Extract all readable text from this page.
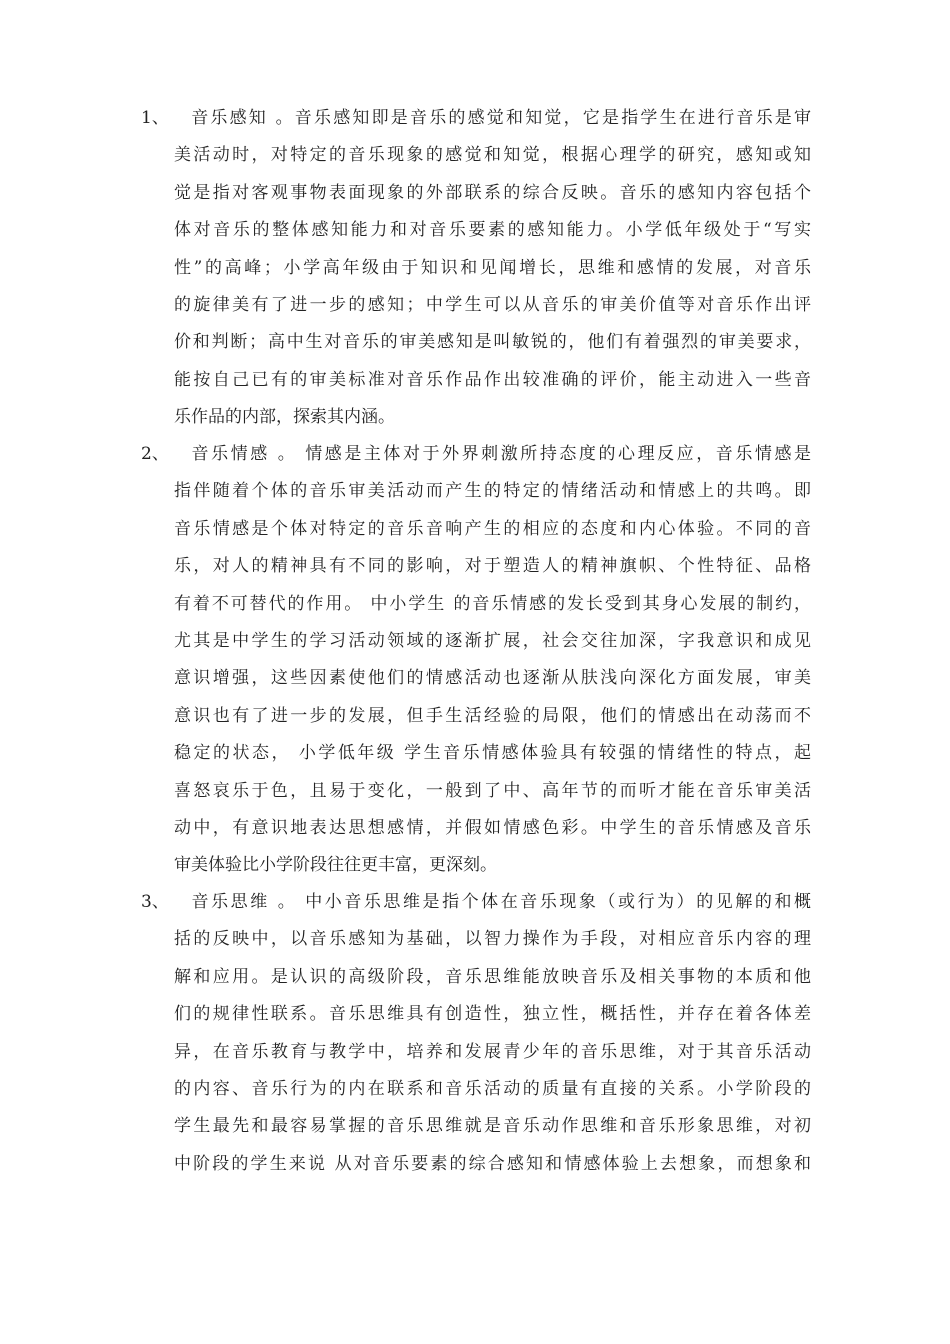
1、 音乐感知 。音乐感知即是音乐的感觉和知觉，它是指学生在进行音乐是审
美活动时，对特定的音乐现象的感觉和知觉，根据心理学的研究，感知或知
觉是指对客观事物表面现象的外部联系的综合反映。音乐的感知内容包括个
体对音乐的整体感知能力和对音乐要素的感知能力。小学低年级处于“写实
性”的高峰；小学高年级由于知识和见闻增长，思维和感情的发展，对音乐
的旋律美有了进一步的感知；中学生可以从音乐的审美价值等对音乐作出评
价和判断；高中生对音乐的审美感知是叫敏锐的，他们有着强烈的审美要求，
能按自己已有的审美标准对音乐作品作出较准确的评价，能主动进入一些音
乐作品的内部，探索其内涵。
2、 音乐情感 。 情感是主体对于外界刺激所持态度的心理反应，音乐情感是
指伴随着个体的音乐审美活动而产生的特定的情绪活动和情感上的共鸣。即
音乐情感是个体对特定的音乐音响产生的相应的态度和内心体验。不同的音
乐，对人的精神具有不同的影响，对于塑造人的精神旗帜、个性特征、品格
有着不可替代的作用。 中小学生 的音乐情感的发长受到其身心发展的制约，
尤其是中学生的学习活动领域的逐渐扩展，社会交往加深，字我意识和成见
意识增强，这些因素使他们的情感活动也逐渐从肤浅向深化方面发展，审美
意识也有了进一步的发展，但手生活经验的局限，他们的情感出在动荡而不
稳定的状态， 小学低年级 学生音乐情感体验具有较强的情绪性的特点，起
喜怒哀乐于色，且易于变化，一般到了中、高年节的而听才能在音乐审美活
动中，有意识地表达思想感情，并假如情感色彩。中学生的音乐情感及音乐
审美体验比小学阶段往往更丰富，更深刻。
3、 音乐思维 。 中小音乐思维是指个体在音乐现象（或行为）的见解的和概
括的反映中，以音乐感知为基础，以智力操作为手段，对相应音乐内容的理
解和应用。是认识的高级阶段，音乐思维能放映音乐及相关事物的本质和他
们的规律性联系。音乐思维具有创造性，独立性，概括性，并存在着各体差
异，在音乐教育与教学中，培养和发展青少年的音乐思维，对于其音乐活动
的内容、音乐行为的内在联系和音乐活动的质量有直接的关系。小学阶段的
学生最先和最容易掌握的音乐思维就是音乐动作思维和音乐形象思维，对初
中阶段的学生来说 从对音乐要素的综合感知和情感体验上去想象，而想象和
